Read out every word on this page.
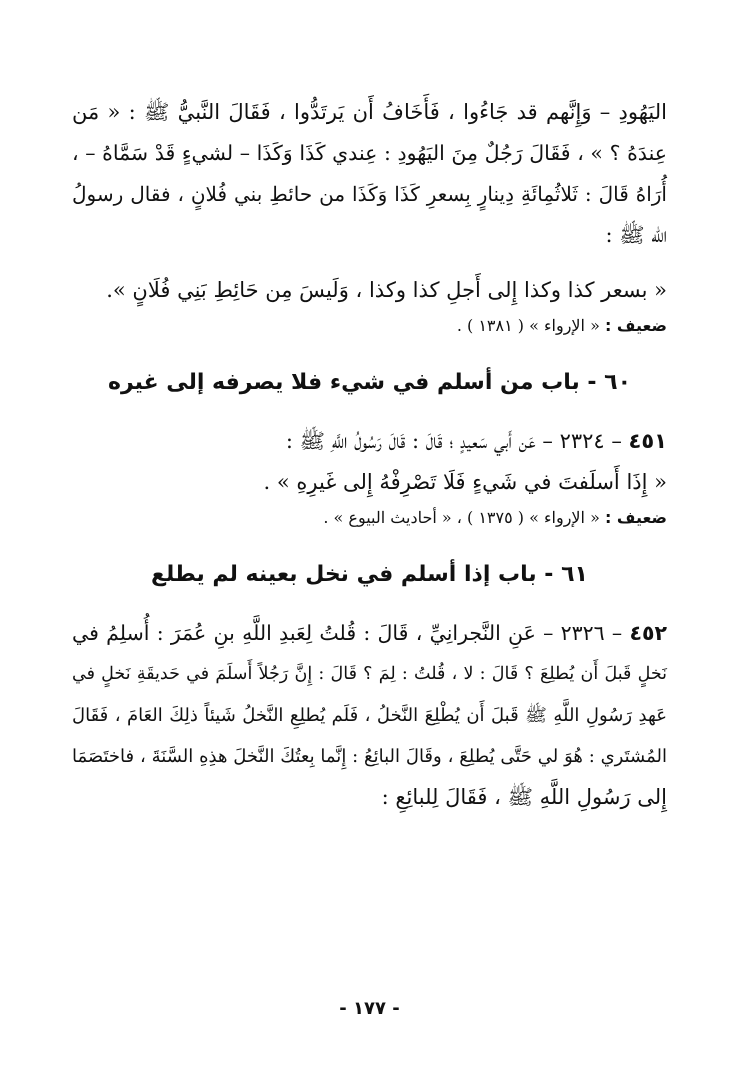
اليَهُودِ – وَإِنَّهم قد جَاءُوا ، فَأَخَافُ أَن يَرتَدُّوا ، فَقَالَ النَّبيُّ ﷺ : « مَن
عِندَهُ ؟ » ، فَقَالَ رَجُلٌ مِنَ اليَهُودِ : عِندي كَذَا وَكَذَا – لشيءٍ قَدْ سَمَّاهُ – ،
أُرَاهُ قَالَ : ثَلاثُمِائَةِ دِينارٍ بِسعرِ كَذَا وَكَذَا من حائطِ بني فُلانٍ ، فقال رسولُ
الله ﷺ :
« بسعر كذا وكذا إِلى أَجلِ كذا وكذا ، وَلَيسَ مِن حَائِطِ بَنِي فُلَانٍ ».
ضعيف : « الإرواء » ( ١٣٨١ ) .
٦٠ - باب من أسلم في شيء فلا يصرفه إلى غيره
٤٥١ – ٢٣٢٤ – عَن أَبي سَعيدٍ ؛ قَالَ : قَالَ رَسُولُ اللَّهِ ﷺ :
« إِذَا أَسلَفتَ في شَيءٍ فَلَا تَصْرِفْهُ إِلى غَيرِهِ » .
ضعيف : « الإرواء » ( ١٣٧٥ ) ، « أحاديث البيوع » .
٦١ - باب إذا أسلم في نخل بعينه لم يطلع
٤٥٢ – ٢٣٢٦ – عَنِ النَّجرانِيِّ ، قَالَ : قُلتُ لِعَبدِ اللَّهِ بنِ عُمَرَ : أُسلِمُ في
نَخلٍ قَبلَ أَن يُطلِعَ ؟ قَالَ : لا ، قُلتُ : لِمَ ؟ قَالَ : إِنَّ رَجُلاً أَسلَمَ في حَديقَةِ نَخلٍ في
عَهدِ رَسُولِ اللَّهِ ﷺ قَبلَ أَن يُطْلِعَ النَّخلُ ، فَلَم يُطلِعِ النَّخلُ شَيئاً ذلِكَ العَامَ ، فَقَالَ
المُشتَري : هُوَ لي حَتَّى يُطلِعَ ، وقَالَ البائِعُ : إِنَّما بِعتُكَ النَّخلَ هذِهِ السَّنَةَ ، فاختَصَمَا
إِلى رَسُولِ اللَّهِ ﷺ ، فَقَالَ لِلبائِعِ :
- ١٧٧ -
